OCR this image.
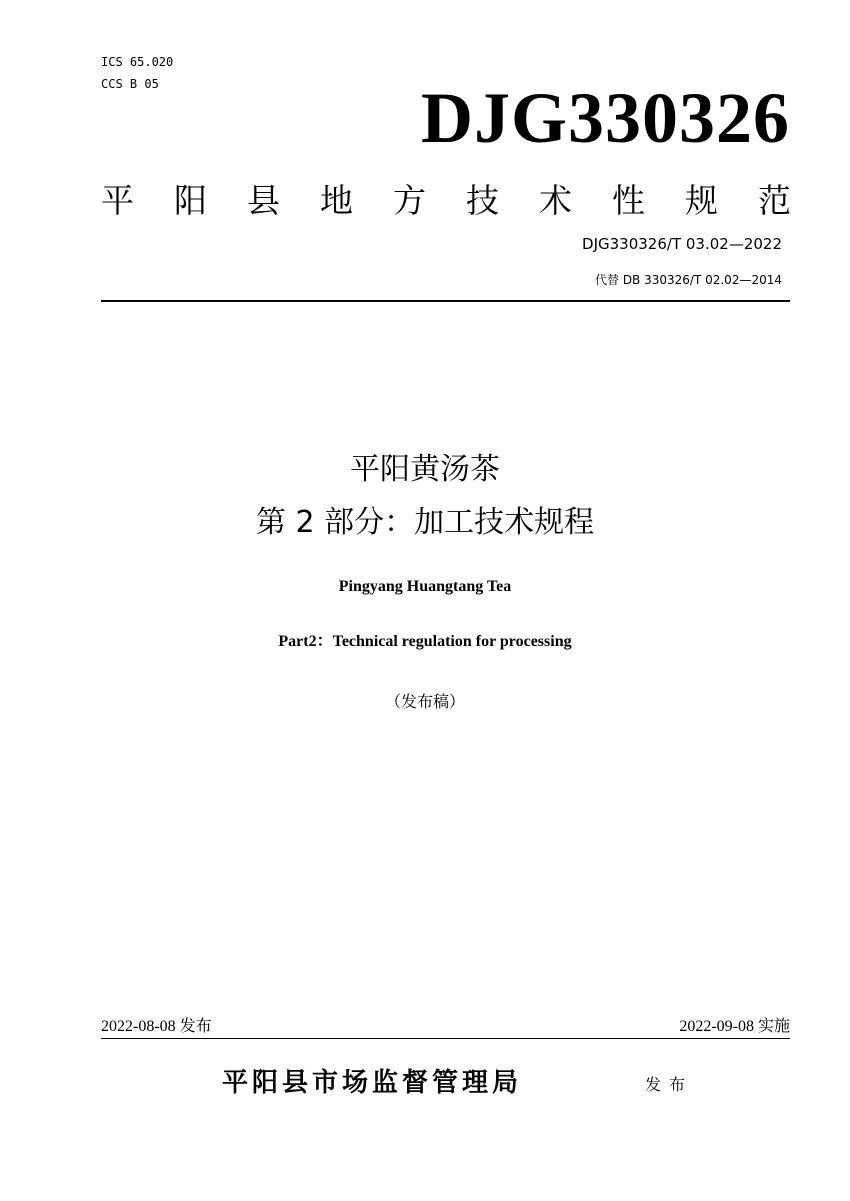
ICS 65.020
CCS B 05	DJG330326
平 阳 县 地 方 技 术 性 规 范
DJG330326/T 03.02—2022
代替 DB 330326/T 02.02—2014
平阳黄汤茶
第 2 部分：加工技术规程
Pingyang Huangtang Tea
Part2：Technical regulation for processing
（发布稿）
2022-08-08 发布	2022-09-08 实施
平阳县市场监督管理局	发布
